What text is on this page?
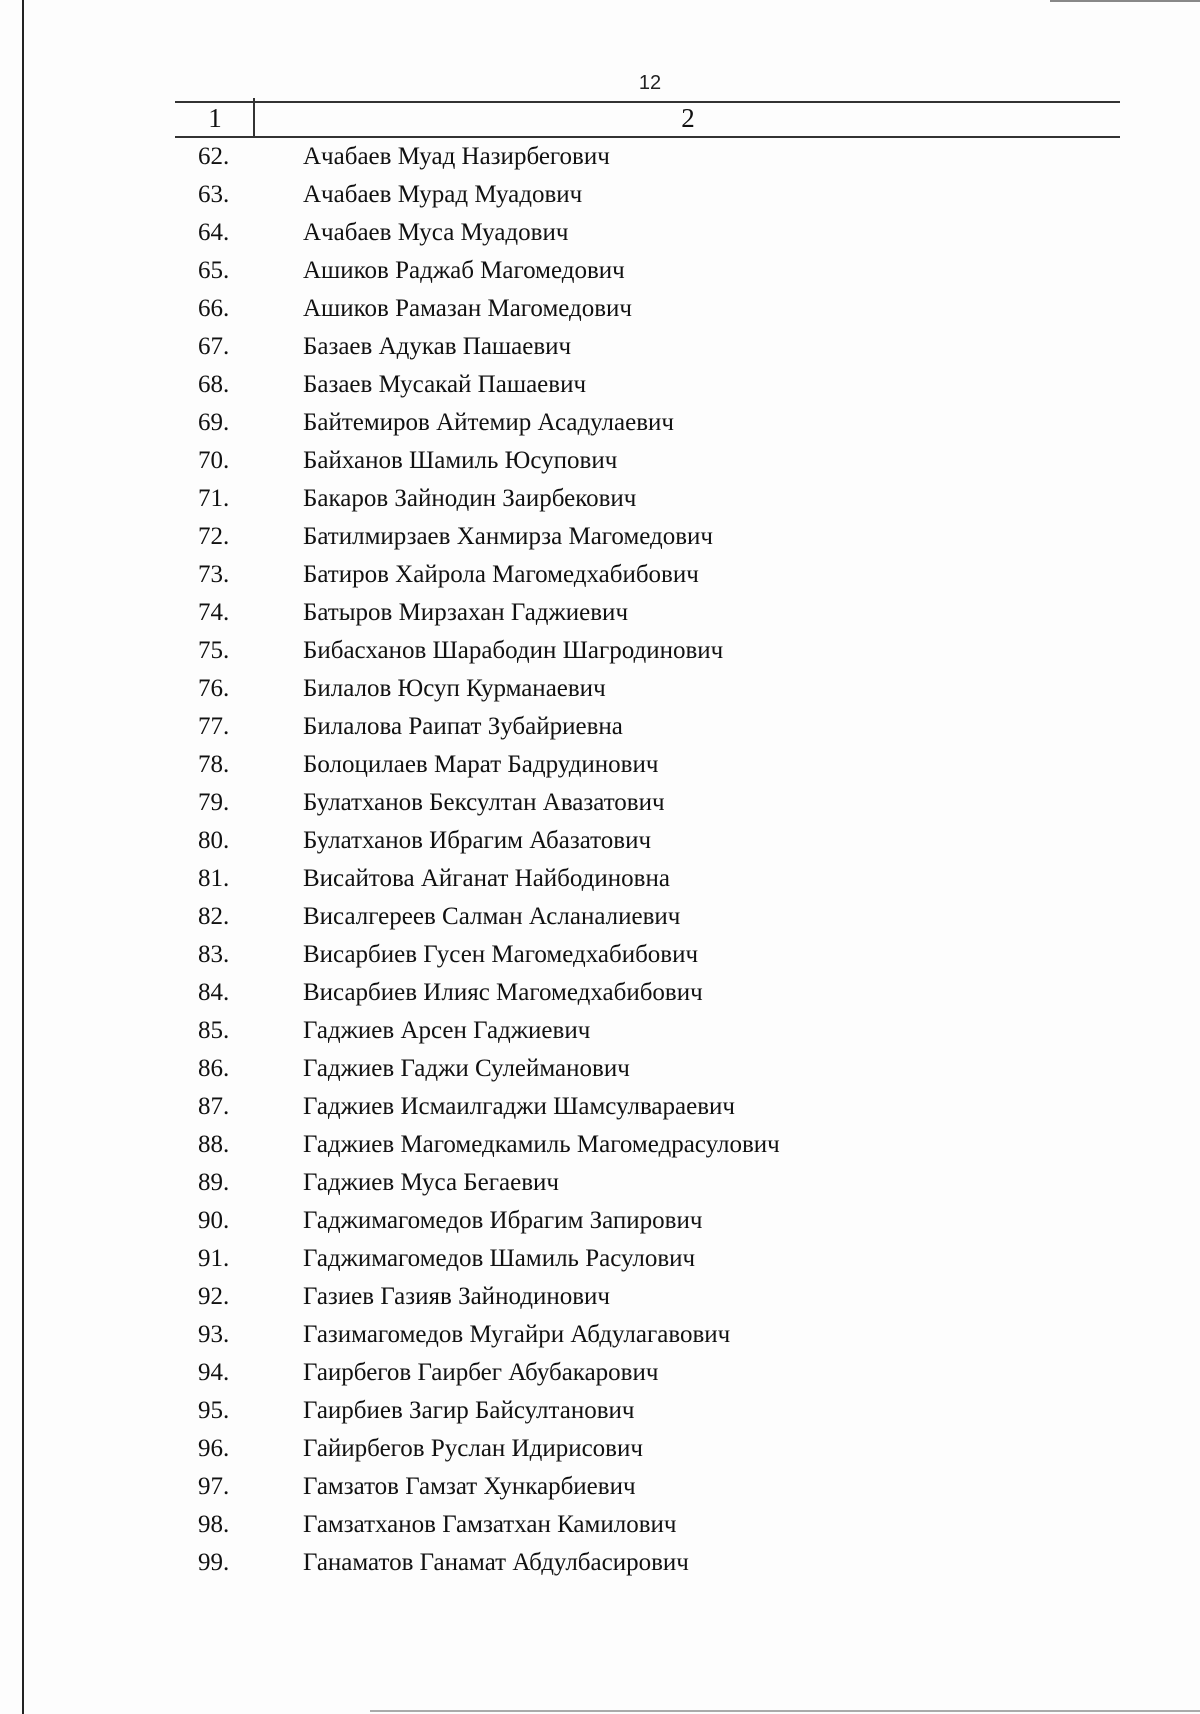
12
1	2
62.	Ачабаев Муад Назирбегович
63.	Ачабаев Мурад Муадович
64.	Ачабаев Муса Муадович
65.	Ашиков Раджаб Магомедович
66.	Ашиков Рамазан Магомедович
67.	Базаев Адукав Пашаевич
68.	Базаев Мусакай Пашаевич
69.	Байтемиров Айтемир Асадулаевич
70.	Байханов Шамиль Юсупович
71.	Бакаров Зайнодин Заирбекович
72.	Батилмирзаев Ханмирза Магомедович
73.	Батиров Хайрола Магомедхабибович
74.	Батыров Мирзахан Гаджиевич
75.	Бибасханов Шарабодин Шагродинович
76.	Билалов Юсуп Курманаевич
77.	Билалова Раипат Зубайриевна
78.	Болоцилаев Марат Бадрудинович
79.	Булатханов Бексултан Авазатович
80.	Булатханов Ибрагим Абазатович
81.	Висайтова Айганат Найбодиновна
82.	Висалгереев Салман Асланалиевич
83.	Висарбиев Гусен Магомедхабибович
84.	Висарбиев Илияс Магомедхабибович
85.	Гаджиев Арсен Гаджиевич
86.	Гаджиев Гаджи Сулейманович
87.	Гаджиев Исмаилгаджи Шамсулвараевич
88.	Гаджиев Магомедкамиль Магомедрасулович
89.	Гаджиев Муса Бегаевич
90.	Гаджимагомедов Ибрагим Запирович
91.	Гаджимагомедов Шамиль Расулович
92.	Газиев Газияв Зайнодинович
93.	Газимагомедов Мугайри Абдулагавович
94.	Гаирбегов Гаирбег Абубакарович
95.	Гаирбиев Загир Байсултанович
96.	Гайирбегов Руслан Идирисович
97.	Гамзатов Гамзат Хункарбиевич
98.	Гамзатханов Гамзатхан Камилович
99.	Ганаматов Ганамат Абдулбасирович
